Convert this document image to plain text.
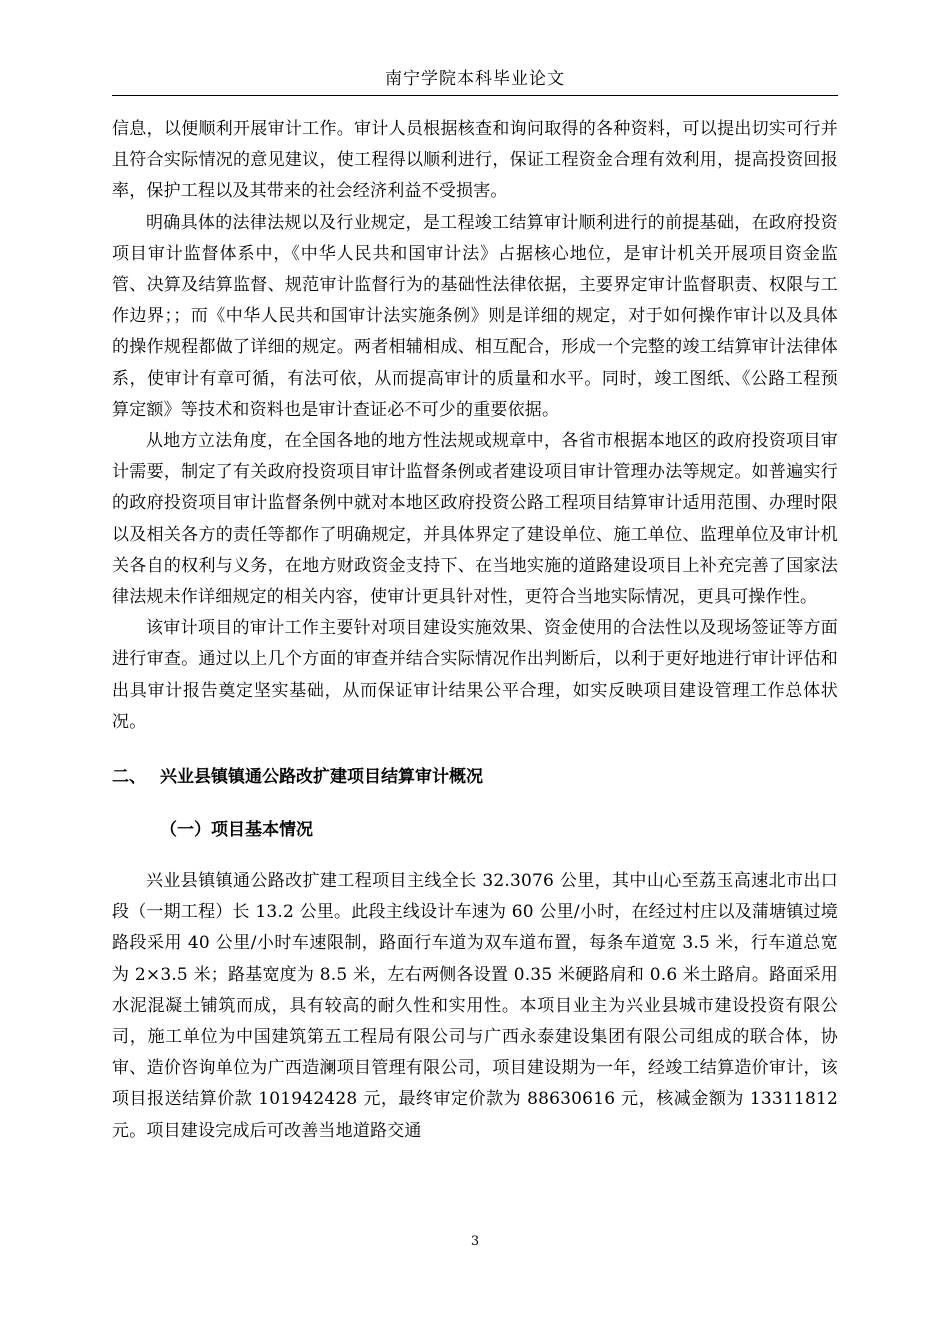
南宁学院本科毕业论文

信息，以便顺利开展审计工作。审计人员根据核查和询问取得的各种资料，可以提出切实可行并且符合实际情况的意见建议，使工程得以顺利进行，保证工程资金合理有效利用，提高投资回报率，保护工程以及其带来的社会经济利益不受损害。

明确具体的法律法规以及行业规定，是工程竣工结算审计顺利进行的前提基础，在政府投资项目审计监督体系中，《中华人民共和国审计法》占据核心地位，是审计机关开展项目资金监管、决算及结算监督、规范审计监督行为的基础性法律依据，主要界定审计监督职责、权限与工作边界；；而《中华人民共和国审计法实施条例》则是详细的规定，对于如何操作审计以及具体的操作规程都做了详细的规定。两者相辅相成、相互配合，形成一个完整的竣工结算审计法律体系，使审计有章可循，有法可依，从而提高审计的质量和水平。同时，竣工图纸、《公路工程预算定额》等技术和资料也是审计查证必不可少的重要依据。

从地方立法角度，在全国各地的地方性法规或规章中，各省市根据本地区的政府投资项目审计需要，制定了有关政府投资项目审计监督条例或者建设项目审计管理办法等规定。如普遍实行的政府投资项目审计监督条例中就对本地区政府投资公路工程项目结算审计适用范围、办理时限以及相关各方的责任等都作了明确规定，并具体界定了建设单位、施工单位、监理单位及审计机关各自的权利与义务，在地方财政资金支持下、在当地实施的道路建设项目上补充完善了国家法律法规未作详细规定的相关内容，使审计更具针对性，更符合当地实际情况，更具可操作性。

该审计项目的审计工作主要针对项目建设实施效果、资金使用的合法性以及现场签证等方面进行审查。通过以上几个方面的审查并结合实际情况作出判断后，以利于更好地进行审计评估和出具审计报告奠定坚实基础，从而保证审计结果公平合理，如实反映项目建设管理工作总体状况。

二、 兴业县镇镇通公路改扩建项目结算审计概况
（一）项目基本情况

兴业县镇镇通公路改扩建工程项目主线全长 32.3076 公里，其中山心至荔玉高速北市出口段（一期工程）长 13.2 公里。此段主线设计车速为 60 公里/小时，在经过村庄以及蒲塘镇过境路段采用 40 公里/小时车速限制，路面行车道为双车道布置，每条车道宽 3.5 米，行车道总宽为 2×3.5 米；路基宽度为 8.5 米，左右两侧各设置 0.35 米硬路肩和 0.6 米土路肩。路面采用水泥混凝土铺筑而成，具有较高的耐久性和实用性。本项目业主为兴业县城市建设投资有限公司，施工单位为中国建筑第五工程局有限公司与广西永泰建设集团有限公司组成的联合体，协审、造价咨询单位为广西造澜项目管理有限公司，项目建设期为一年，经竣工结算造价审计，该项目报送结算价款 101942428 元，最终审定价款为 88630616 元，核减金额为 13311812 元。项目建设完成后可改善当地道路交通

3
